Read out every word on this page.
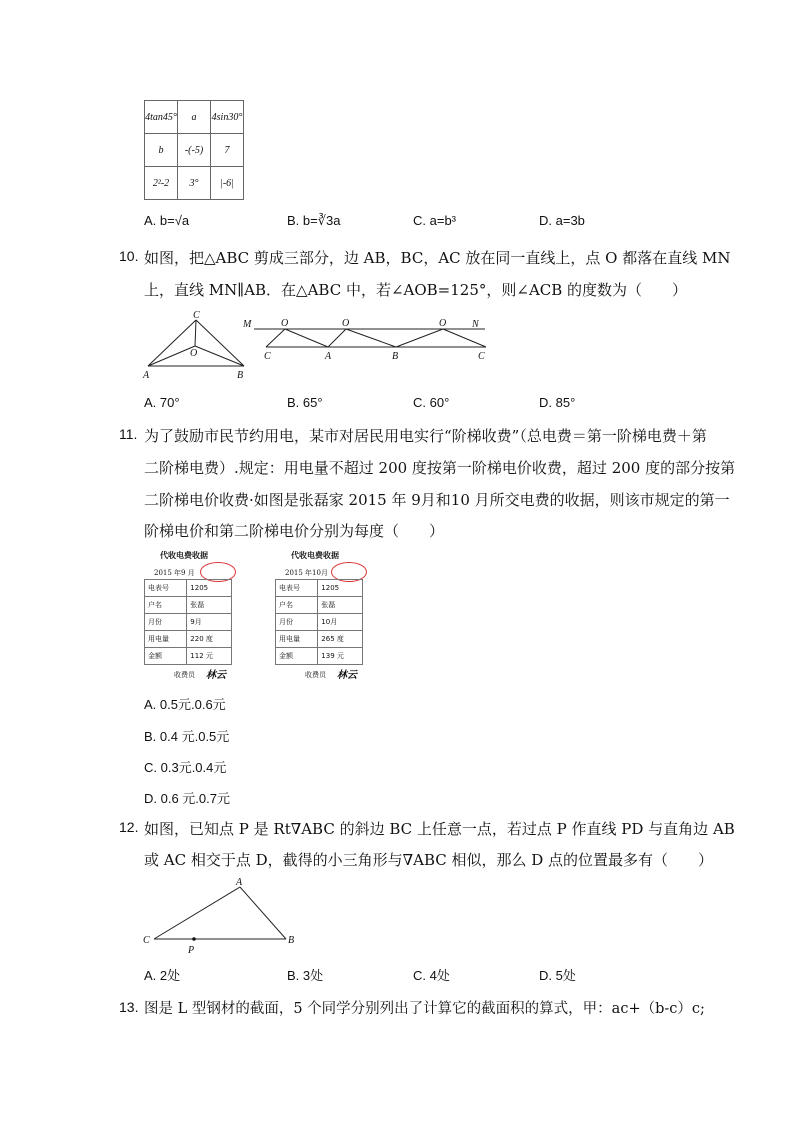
4tan45°	a	4sin30°
b	-(-5)	7
2²-2	3°	|-6|
A. b=√a	B. b=∛3a	C. a=b³	D. a=3b
10. 如图，把△ABC 剪成三部分，边 AB，BC，AC 放在同一直线上，点 O 都落在直线 MN
上，直线 MN∥AB．在△ABC 中，若∠AOB=125°，则∠ACB 的度数为（　　）
C
O
A	B
M	N
O	O	O
C	A	B	C
A. 70°	B. 65°	C. 60°	D. 85°
11. 为了鼓励市民节约用电，某市对居民用电实行“阶梯收费”（总电费＝第一阶梯电费＋第
二阶梯电费）.规定：用电量不超过 200 度按第一阶梯电价收费，超过 200 度的部分按第
二阶梯电价收费·如图是张磊家 2015 年 9月和10 月所交电费的收据，则该市规定的第一
阶梯电价和第二阶梯电价分别为每度（　　）
代收电费收据
2015 年9 月
电表号	1205
户名	张磊
月份	9月
用电量	220 度
金额	112 元
收费员 林云
代收电费收据
2015 年10月
电表号	1205
户名	张磊
月份	10月
用电量	265 度
金额	139 元
收费员 林云
A. 0.5元.0.6元
B. 0.4 元.0.5元
C. 0.3元.0.4元
D. 0.6 元.0.7元
12. 如图，已知点 P 是 Rt∇ABC 的斜边 BC 上任意一点，若过点 P 作直线 PD 与直角边 AB
或 AC 相交于点 D，截得的小三角形与∇ABC 相似，那么 D 点的位置最多有（　　）
A
C	B
P
A. 2处	B. 3处	C. 4处	D. 5处
13. 图是 L 型钢材的截面，5 个同学分别列出了计算它的截面积的算式，甲：ac+（b-c）c;
